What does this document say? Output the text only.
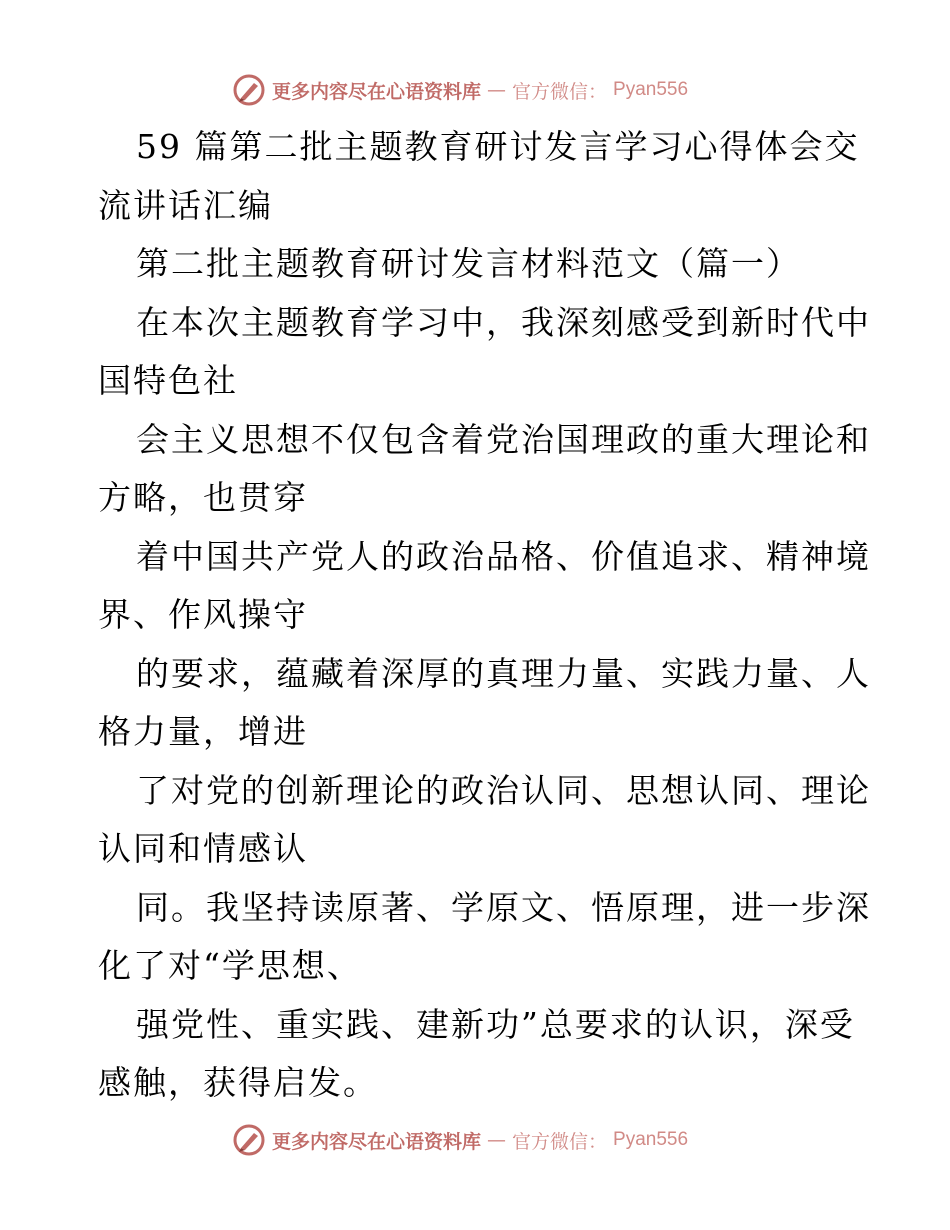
更多内容尽在心语资料库 — 官方微信： Pyan556
59 篇第二批主题教育研讨发言学习心得体会交
流讲话汇编
第二批主题教育研讨发言材料范文（篇一）
在本次主题教育学习中，我深刻感受到新时代中
国特色社
会主义思想不仅包含着党治国理政的重大理论和
方略，也贯穿
着中国共产党人的政治品格、价值追求、精神境
界、作风操守
的要求，蕴藏着深厚的真理力量、实践力量、人
格力量，增进
了对党的创新理论的政治认同、思想认同、理论
认同和情感认
同。我坚持读原著、学原文、悟原理，进一步深
化了对“学思想、
强党性、重实践、建新功”总要求的认识，深受
感触，获得启发。
更多内容尽在心语资料库 — 官方微信： Pyan556
